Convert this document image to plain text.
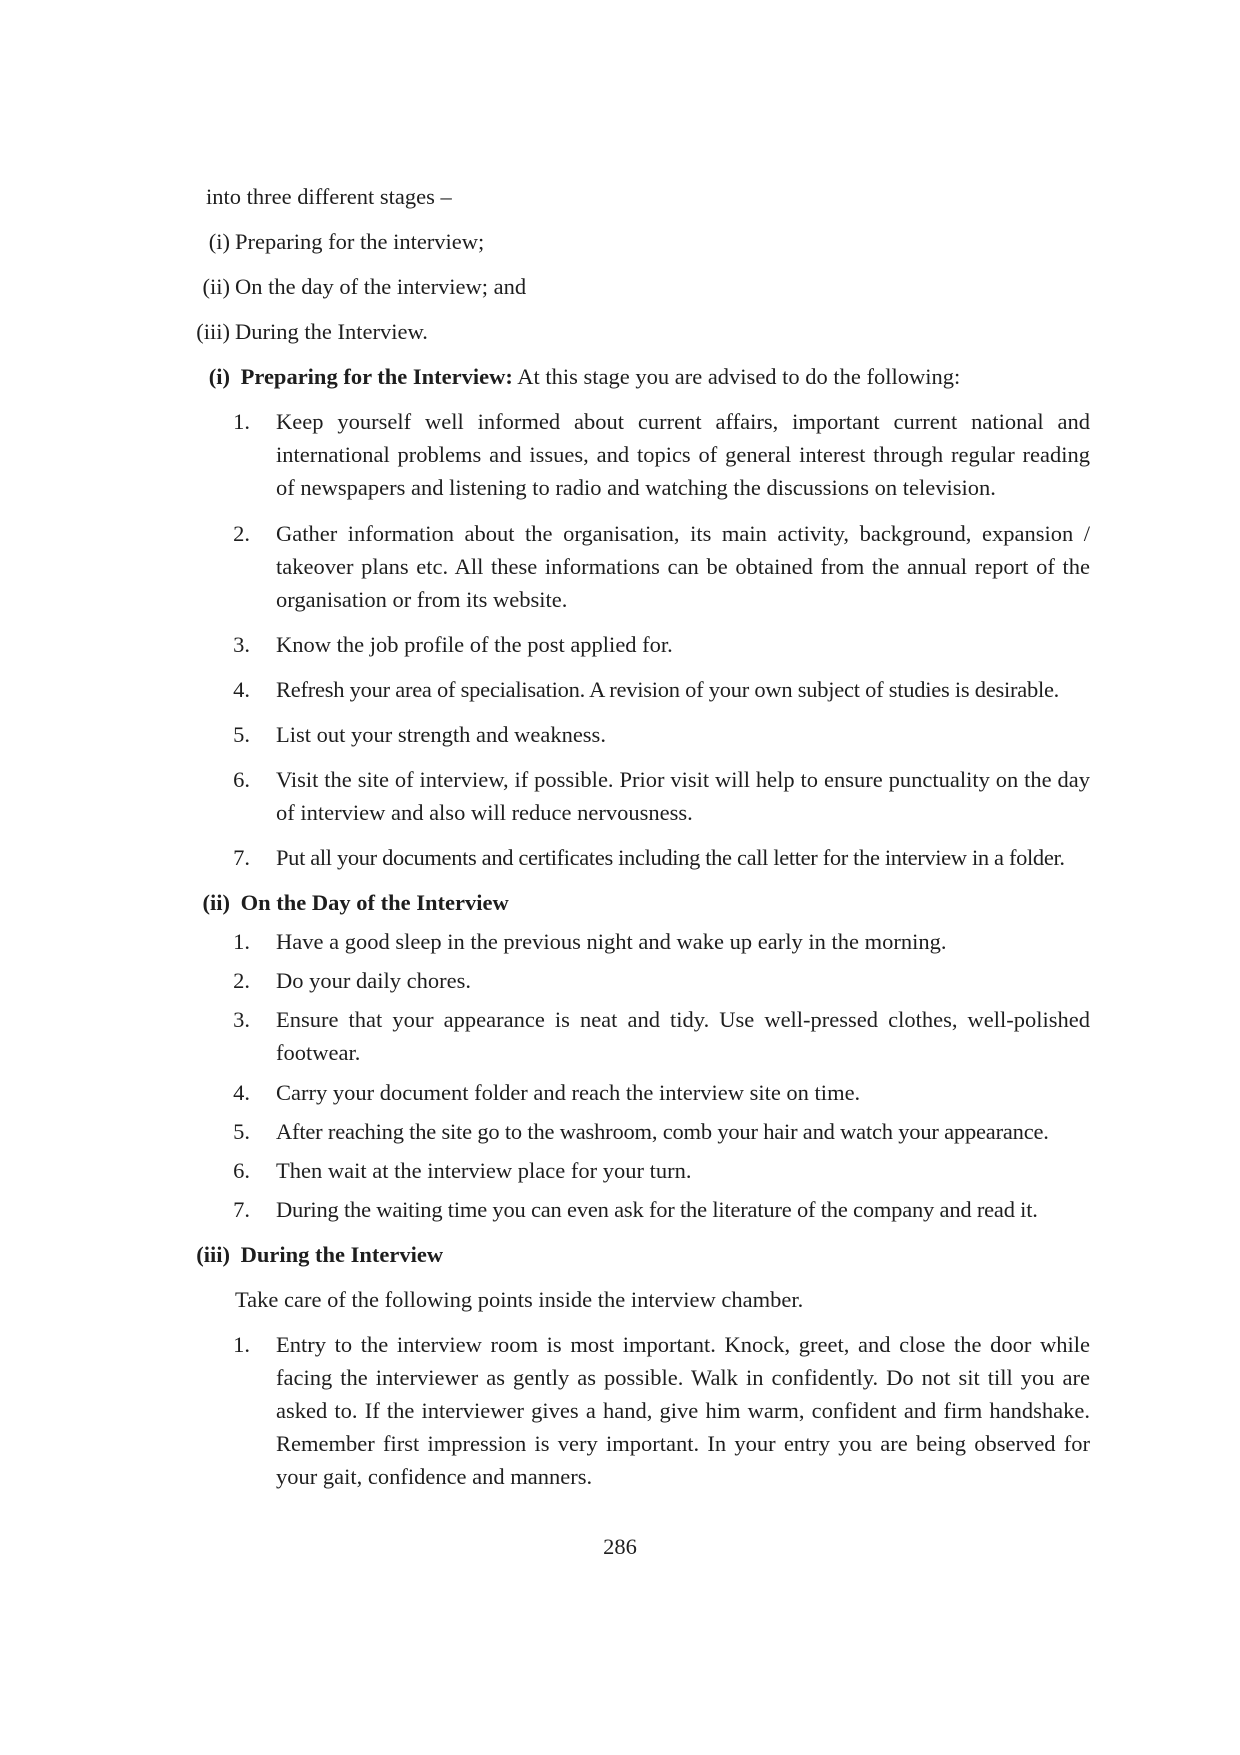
into three different stages –
(i) Preparing for the interview;
(ii) On the day of the interview; and
(iii) During the Interview.
(i) Preparing for the Interview: At this stage you are advised to do the following:
1. Keep yourself well informed about current affairs, important current national and
international problems and issues, and topics of general interest through regular reading
of newspapers and listening to radio and watching the discussions on television.
2. Gather information about the organisation, its main activity, background, expansion /
takeover plans etc. All these informations can be obtained from the annual report of the
organisation or from its website.
3. Know the job profile of the post applied for.
4. Refresh your area of specialisation. A revision of your own subject of studies is desirable.
5. List out your strength and weakness.
6. Visit the site of interview, if possible. Prior visit will help to ensure punctuality on the day
of interview and also will reduce nervousness.
7. Put all your documents and certificates including the call letter for the interview in a folder.
(ii) On the Day of the Interview
1. Have a good sleep in the previous night and wake up early in the morning.
2. Do your daily chores.
3. Ensure that your appearance is neat and tidy. Use well-pressed clothes, well-polished
footwear.
4. Carry your document folder and reach the interview site on time.
5. After reaching the site go to the washroom, comb your hair and watch your appearance.
6. Then wait at the interview place for your turn.
7. During the waiting time you can even ask for the literature of the company and read it.
(iii) During the Interview
Take care of the following points inside the interview chamber.
1. Entry to the interview room is most important. Knock, greet, and close the door while
facing the interviewer as gently as possible. Walk in confidently. Do not sit till you are
asked to. If the interviewer gives a hand, give him warm, confident and firm handshake.
Remember first impression is very important. In your entry you are being observed for
your gait, confidence and manners.
286
